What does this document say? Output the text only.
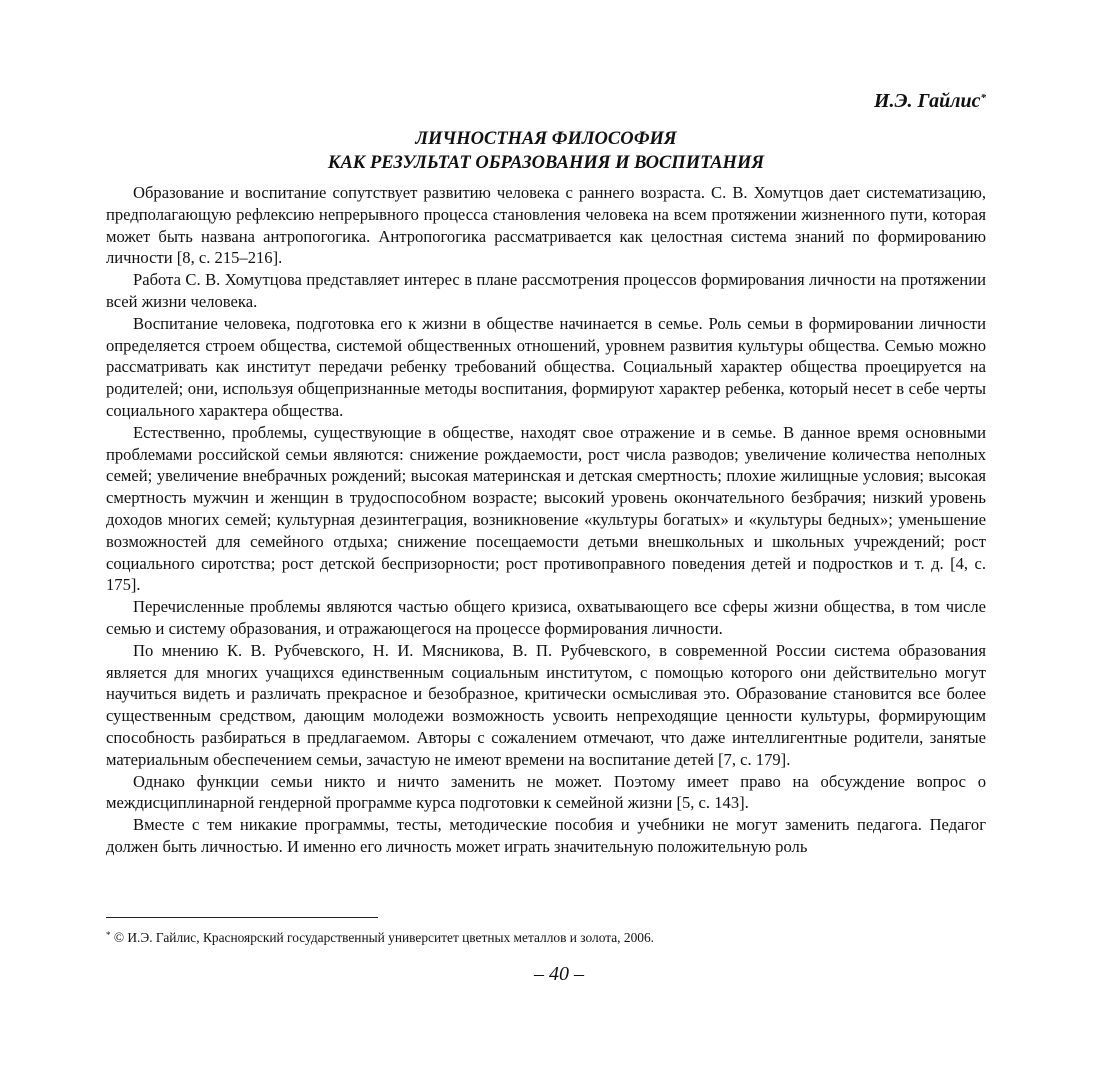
И.Э. Гайлис*

ЛИЧНОСТНАЯ ФИЛОСОФИЯ
КАК РЕЗУЛЬТАТ ОБРАЗОВАНИЯ И ВОСПИТАНИЯ

Образование и воспитание сопутствует развитию человека с раннего возраста. С. В. Хомутцов дает систематизацию, предполагающую рефлексию непрерывного процесса становления человека на всем протяжении жизненного пути, которая может быть названа антропогогика. Антропогогика рассматривается как целостная система знаний по формированию личности [8, с. 215–216].

Работа С. В. Хомутцова представляет интерес в плане рассмотрения процессов формирования личности на протяжении всей жизни человека.

Воспитание человека, подготовка его к жизни в обществе начинается в семье. Роль семьи в формировании личности определяется строем общества, системой общественных отношений, уровнем развития культуры общества. Семью можно рассматривать как институт передачи ребенку требований общества. Социальный характер общества проецируется на родителей; они, используя общепризнанные методы воспитания, формируют характер ребенка, который несет в себе черты социального характера общества.

Естественно, проблемы, существующие в обществе, находят свое отражение и в семье. В данное время основными проблемами российской семьи являются: снижение рождаемости, рост числа разводов; увеличение количества неполных семей; увеличение внебрачных рождений; высокая материнская и детская смертность; плохие жилищные условия; высокая смертность мужчин и женщин в трудоспособном возрасте; высокий уровень окончательного безбрачия; низкий уровень доходов многих семей; культурная дезинтеграция, возникновение «культуры богатых» и «культуры бедных»; уменьшение возможностей для семейного отдыха; снижение посещаемости детьми внешкольных и школьных учреждений; рост социального сиротства; рост детской беспризорности; рост противоправного поведения детей и подростков и т. д. [4, с. 175].

Перечисленные проблемы являются частью общего кризиса, охватывающего все сферы жизни общества, в том числе семью и систему образования, и отражающегося на процессе формирования личности.

По мнению К. В. Рубчевского, Н. И. Мясникова, В. П. Рубчевского, в современной России система образования является для многих учащихся единственным социальным институтом, с помощью которого они действительно могут научиться видеть и различать прекрасное и безобразное, критически осмысливая это. Образование становится все более существенным средством, дающим молодежи возможность усвоить непреходящие ценности культуры, формирующим способность разбираться в предлагаемом. Авторы с сожалением отмечают, что даже интеллигентные родители, занятые материальным обеспечением семьи, зачастую не имеют времени на воспитание детей [7, с. 179].

Однако функции семьи никто и ничто заменить не может. Поэтому имеет право на обсуждение вопрос о междисциплинарной гендерной программе курса подготовки к семейной жизни [5, с. 143].

Вместе с тем никакие программы, тесты, методические пособия и учебники не могут заменить педагога. Педагог должен быть личностью. И именно его личность может играть значительную положительную роль

* © И.Э. Гайлис, Красноярский государственный университет цветных металлов и золота, 2006.

– 40 –
